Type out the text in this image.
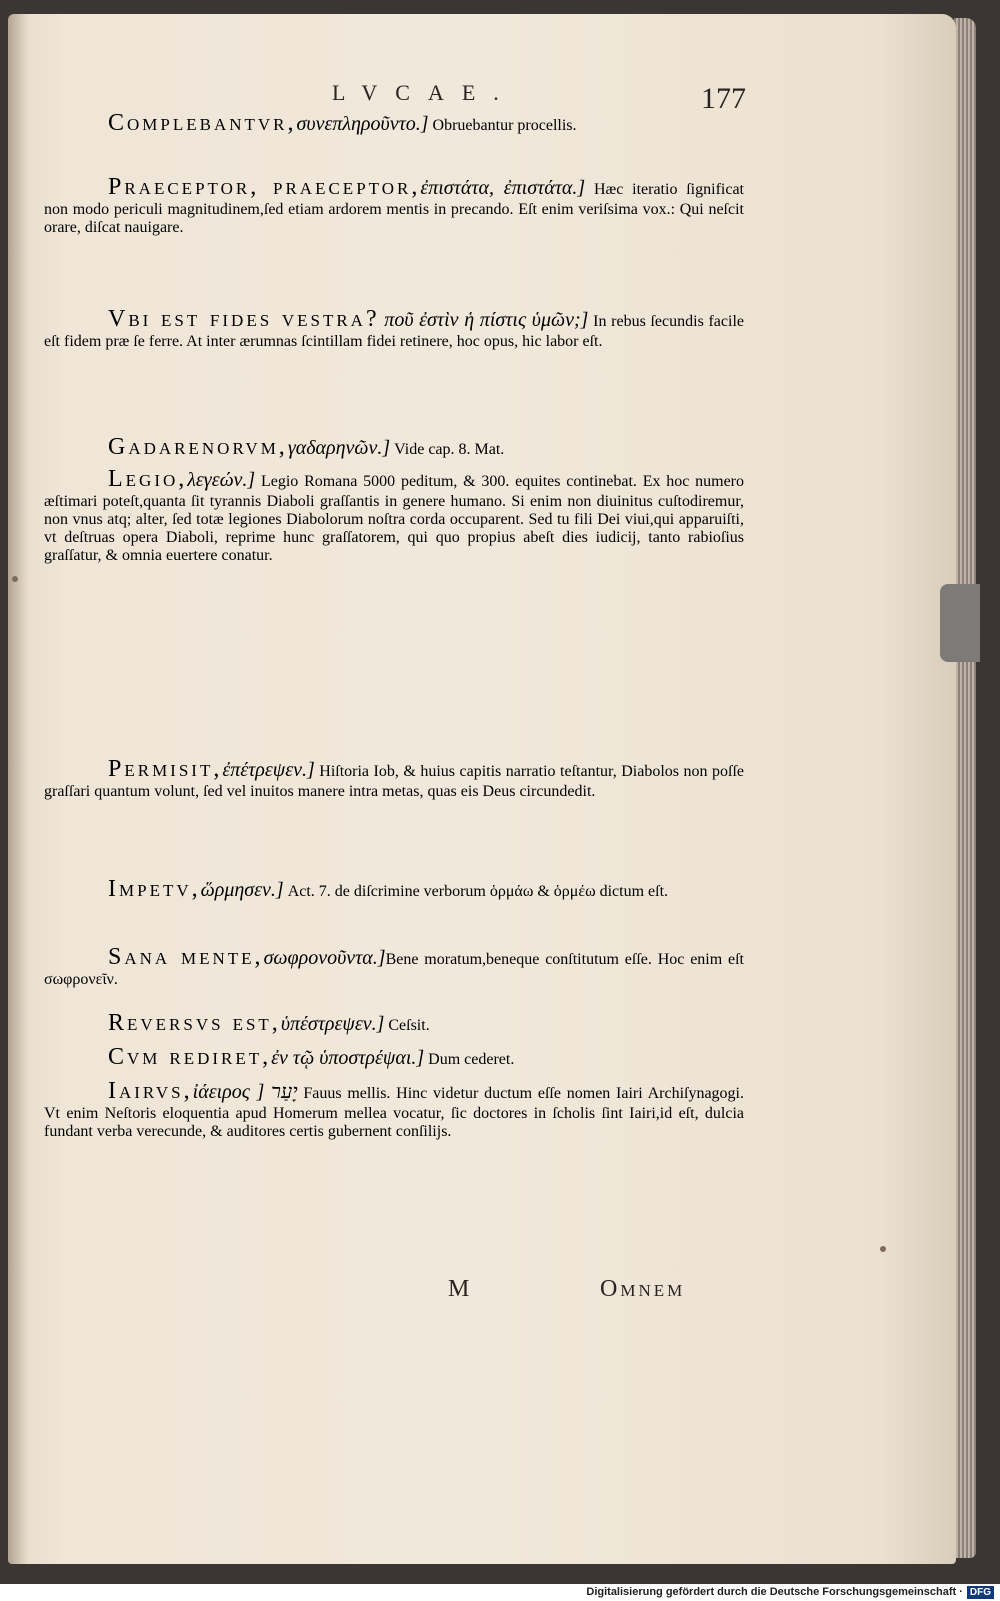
LVCAE.	177

Complebantvr,συνεπληροῦντο.] Obruebantur procellis.

Praeceptor, praeceptor,ἐπιστάτα, ἐπιστάτα.] Hæc iteratio ſignificat non modo periculi magnitudinem,ſed etiam ardorem mentis in precando. Eſt enim veriſsima vox.: Qui neſcit orare, diſcat nauigare.

Vbi est fides vestra? ποῦ ἐστὶν ἡ πίστις ὑμῶν;] In rebus ſecundis facile eſt fidem præ ſe ferre. At inter ærumnas ſcintillam fidei retinere, hoc opus, hic labor eſt.

Gadarenorvm,γαδαρηνῶν.] Vide cap. 8. Mat.

Legio,λεγεών.] Legio Romana 5000 peditum, & 300. equites continebat. Ex hoc numero æſtimari poteſt,quanta ſit tyrannis Diaboli graſſantis in genere humano. Si enim non diuinitus cuſtodiremur, non vnus atq; alter, ſed totæ legiones Diabolorum noſtra corda occuparent. Sed tu fili Dei viui,qui apparuiſti, vt deſtruas opera Diaboli, reprime hunc graſſatorem, qui quo propius abeſt dies iudicij, tanto rabioſius graſſatur, & omnia euertere conatur.

Permisit,ἐπέτρεψεν.] Hiſtoria Iob, & huius capitis narratio teſtantur, Diabolos non poſſe graſſari quantum volunt, ſed vel inuitos manere intra metas, quas eis Deus circundedit.

Impetv,ὥρμησεν.] Act. 7. de diſcrimine verborum ὁρμάω & ὁρμέω dictum eſt.

Sana mente,σωφρονοῦντα.]Bene moratum,beneque conſtitutum eſſe. Hoc enim eſt σωφρονεῖν.

Reversvs est,ὑπέστρεψεν.] Ceſsit.

Cvm rediret,ἐν τῷ ὑποστρέψαι.] Dum cederet.

Iairvs,ἰάειρος ] יָעַר Fauus mellis. Hinc videtur ductum eſſe nomen Iairi Archiſynagogi. Vt enim Neſtoris eloquentia apud Homerum mellea vocatur, ſic doctores in ſcholis ſint Iairi,id eſt, dulcia fundant verba verecunde, & auditores certis gubernent conſilijs.

M	Omnem
Digitalisierung gefördert durch die Deutsche Forschungsgemeinschaft · DFG
